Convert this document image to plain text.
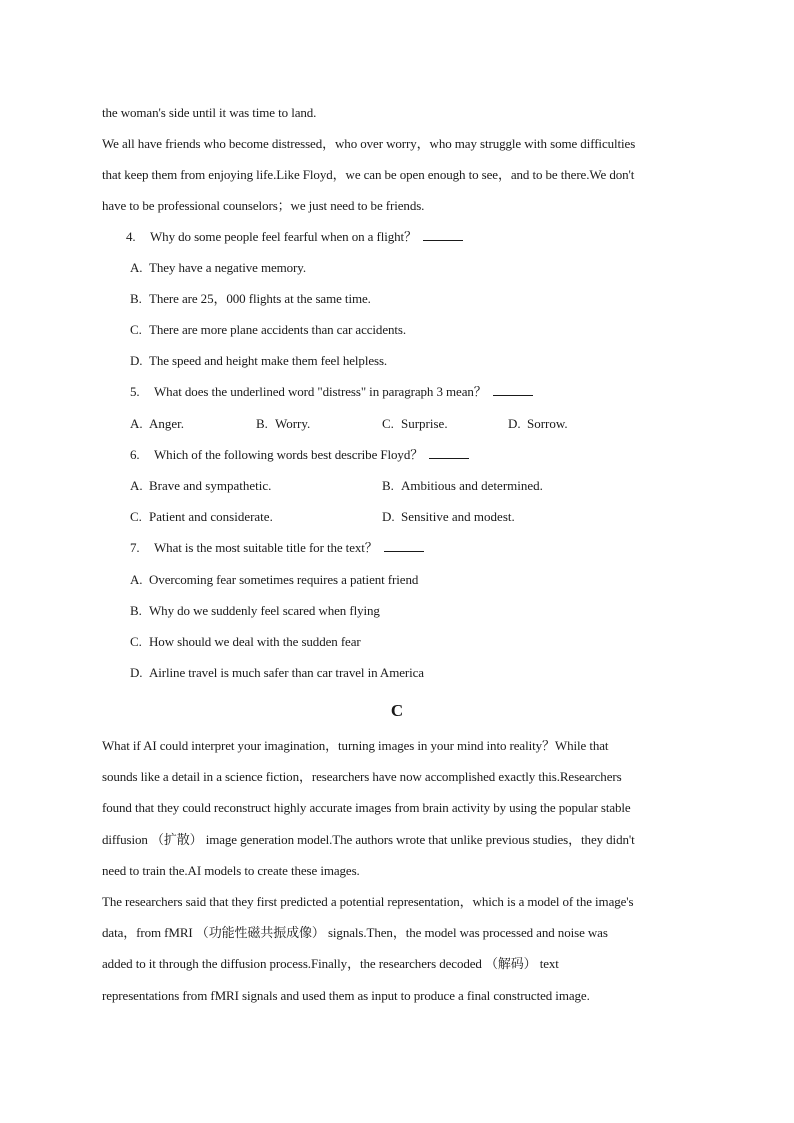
the woman's side until it was time to land.
We all have friends who become distressed，who over worry，who may struggle with some difficulties
that keep them from enjoying life.Like Floyd，we can be open enough to see，and to be there.We don't
have to be professional counselors；we just need to be friends.
4. Why do some people feel fearful when on a flight？
A. They have a negative memory.
B. There are 25，000 flights at the same time.
C. There are more plane accidents than car accidents.
D. The speed and height make them feel helpless.
5. What does the underlined word "distress" in paragraph 3 mean？
A. Anger.	B. Worry.	C. Surprise.	D. Sorrow.
6. Which of the following words best describe Floyd？
A. Brave and sympathetic.	B. Ambitious and determined.
C. Patient and considerate.	D. Sensitive and modest.
7. What is the most suitable title for the text？
A. Overcoming fear sometimes requires a patient friend
B. Why do we suddenly feel scared when flying
C. How should we deal with the sudden fear
D. Airline travel is much safer than car travel in America
C
What if AI could interpret your imagination，turning images in your mind into reality？While that
sounds like a detail in a science fiction，researchers have now accomplished exactly this.Researchers
found that they could reconstruct highly accurate images from brain activity by using the popular stable
diffusion （扩散） image generation model.The authors wrote that unlike previous studies，they didn't
need to train the.AI models to create these images.
The researchers said that they first predicted a potential representation，which is a model of the image's
data，from fMRI （功能性磁共振成像） signals.Then，the model was processed and noise was
added to it through the diffusion process.Finally，the researchers decoded （解码） text
representations from fMRI signals and used them as input to produce a final constructed image.
